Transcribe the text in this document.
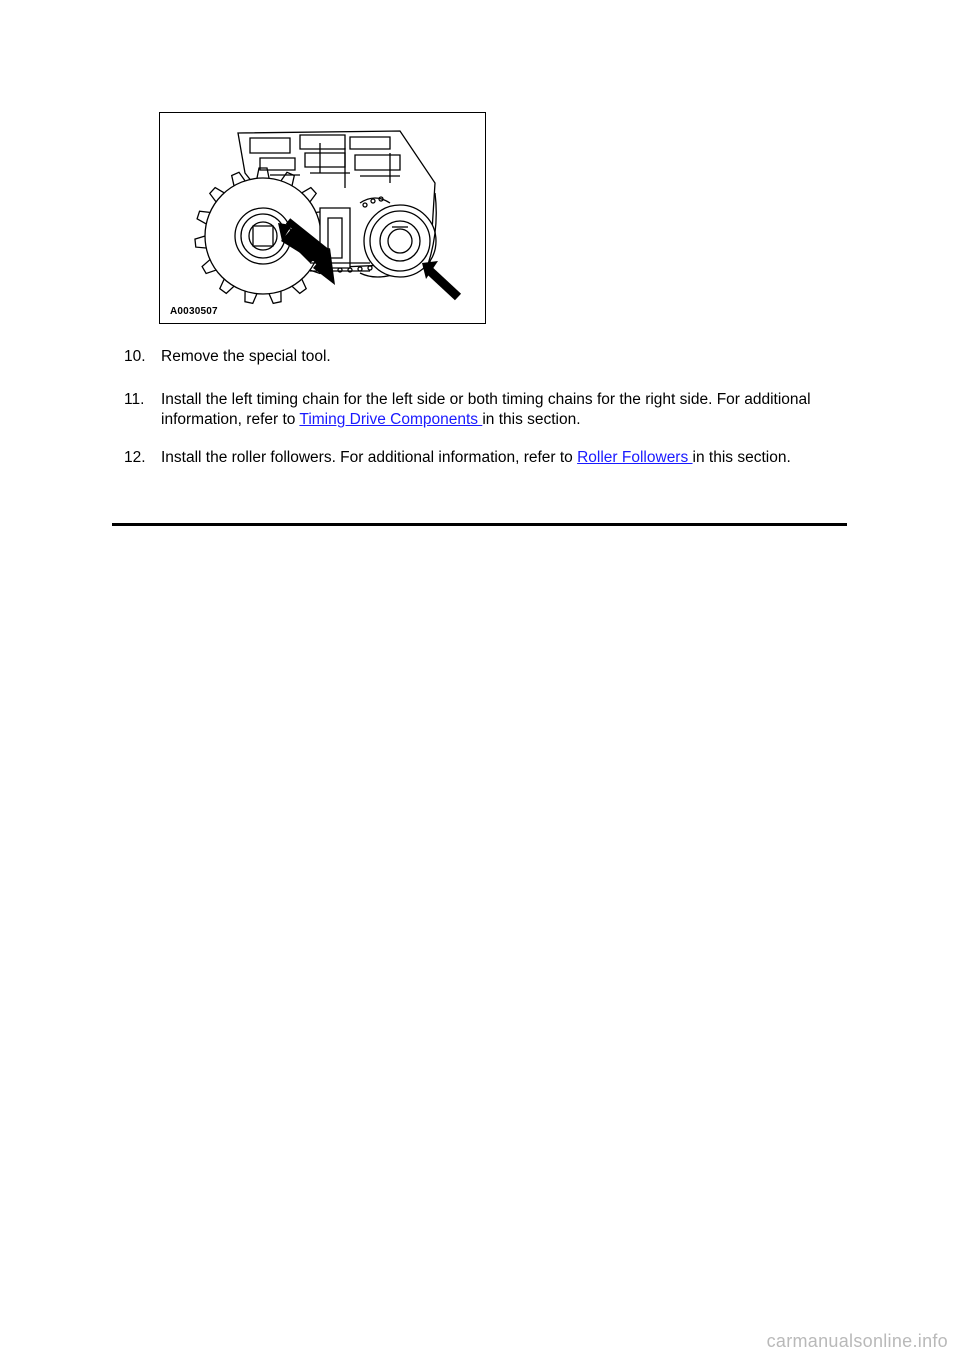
A0030507
10. Remove the special tool.
11.	Install the left timing chain for the left side or both timing chains for the right side. For additional information, refer to Timing Drive Components in this section.
12. Install the roller followers. For additional information, refer to Roller Followers in this section.
carmanualsonline.info
